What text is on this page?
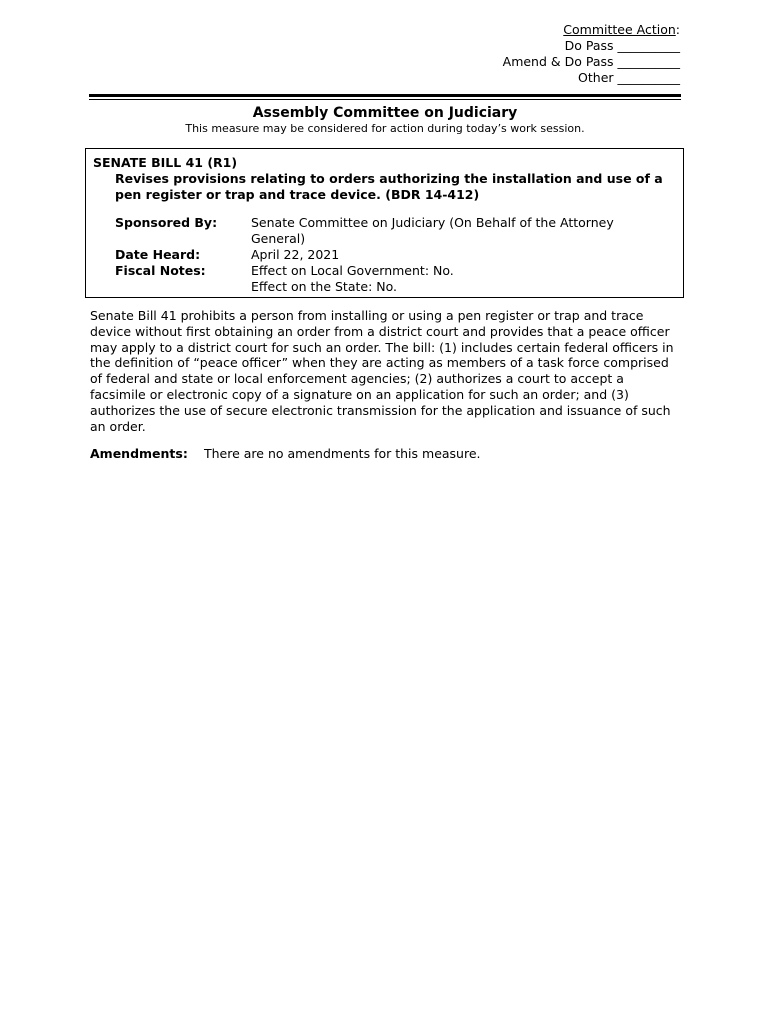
Committee Action:
Do Pass __________
Amend & Do Pass __________
Other __________
Assembly Committee on Judiciary
This measure may be considered for action during today’s work session.
SENATE BILL 41 (R1)
Revises provisions relating to orders authorizing the installation and use of a pen register or trap and trace device. (BDR 14-412)
Sponsored By:	Senate Committee on Judiciary (On Behalf of the Attorney General)
Date Heard:	April 22, 2021
Fiscal Notes:	Effect on Local Government: No.
Effect on the State: No.
Senate Bill 41 prohibits a person from installing or using a pen register or trap and trace device without first obtaining an order from a district court and provides that a peace officer may apply to a district court for such an order. The bill: (1) includes certain federal officers in the definition of “peace officer” when they are acting as members of a task force comprised of federal and state or local enforcement agencies; (2) authorizes a court to accept a facsimile or electronic copy of a signature on an application for such an order; and (3) authorizes the use of secure electronic transmission for the application and issuance of such an order.
Amendments: There are no amendments for this measure.
